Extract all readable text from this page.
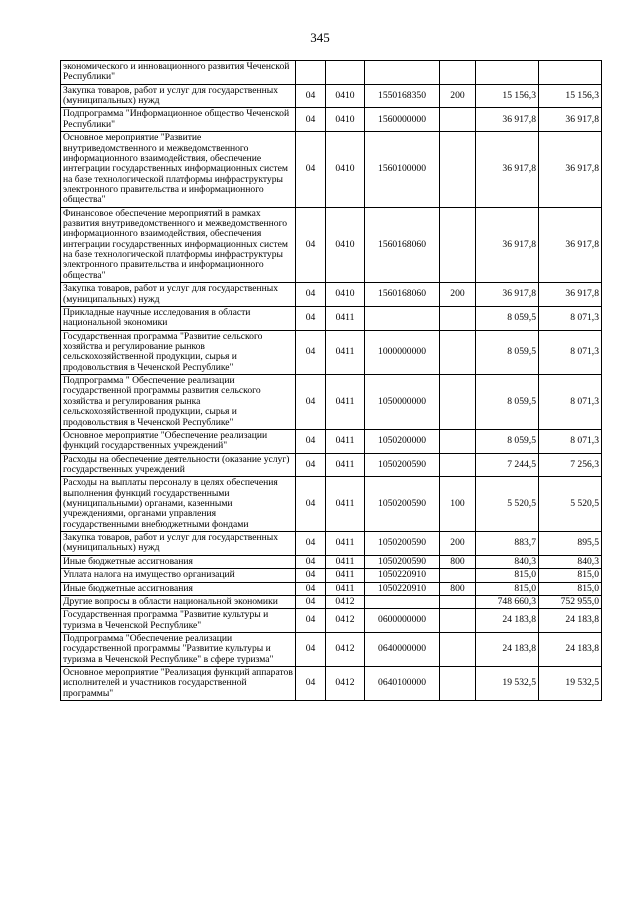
345
экономического и инновационного развития Чеченской Республики"						
Закупка товаров, работ и услуг для государственных (муниципальных) нужд	04	0410	1550168350	200	15 156,3	15 156,3
Подпрограмма "Информационное общество Чеченской Республики"	04	0410	1560000000		36 917,8	36 917,8
Основное мероприятие "Развитие внутриведомственного и межведомственного информационного взаимодействия, обеспечение интеграции государственных информационных систем на базе технологической платформы инфраструктуры электронного правительства и информационного общества"	04	0410	1560100000		36 917,8	36 917,8
Финансовое обеспечение мероприятий в рамках развития внутриведомственного и межведомственного информационного взаимодействия, обеспечения интеграции государственных информационных систем на базе технологической платформы инфраструктуры электронного правительства и информационного общества"	04	0410	1560168060		36 917,8	36 917,8
Закупка товаров, работ и услуг для государственных (муниципальных) нужд	04	0410	1560168060	200	36 917,8	36 917,8
Прикладные научные исследования в области национальной экономики	04	0411			8 059,5	8 071,3
Государственная программа "Развитие сельского хозяйства и регулирование рынков сельскохозяйственной продукции, сырья и продовольствия в Чеченской Республике"	04	0411	1000000000		8 059,5	8 071,3
Подпрограмма " Обеспечение реализации государственной программы развития сельского хозяйства и регулирования рынка сельскохозяйственной продукции, сырья и продовольствия в Чеченской Республике"	04	0411	1050000000		8 059,5	8 071,3
Основное мероприятие "Обеспечение реализации функций государственных учреждений"	04	0411	1050200000		8 059,5	8 071,3
Расходы на обеспечение деятельности (оказание услуг) государственных учреждений	04	0411	1050200590		7 244,5	7 256,3
Расходы на выплаты персоналу в целях обеспечения выполнения функций государственными (муниципальными) органами, казенными учреждениями, органами управления государственными внебюджетными фондами	04	0411	1050200590	100	5 520,5	5 520,5
Закупка товаров, работ и услуг для государственных (муниципальных) нужд	04	0411	1050200590	200	883,7	895,5
Иные бюджетные ассигнования	04	0411	1050200590	800	840,3	840,3
Уплата налога на имущество организаций	04	0411	1050220910		815,0	815,0
Иные бюджетные ассигнования	04	0411	1050220910	800	815,0	815,0
Другие вопросы в области национальной экономики	04	0412			748 660,3	752 955,0
Государственная программа "Развитие культуры и туризма в Чеченской Республике"	04	0412	0600000000		24 183,8	24 183,8
Подпрограмма "Обеспечение реализации государственной программы "Развитие культуры и туризма в Чеченской Республике" в сфере туризма"	04	0412	0640000000		24 183,8	24 183,8
Основное мероприятие "Реализация функций аппаратов исполнителей и участников государственной программы"	04	0412	0640100000		19 532,5	19 532,5
